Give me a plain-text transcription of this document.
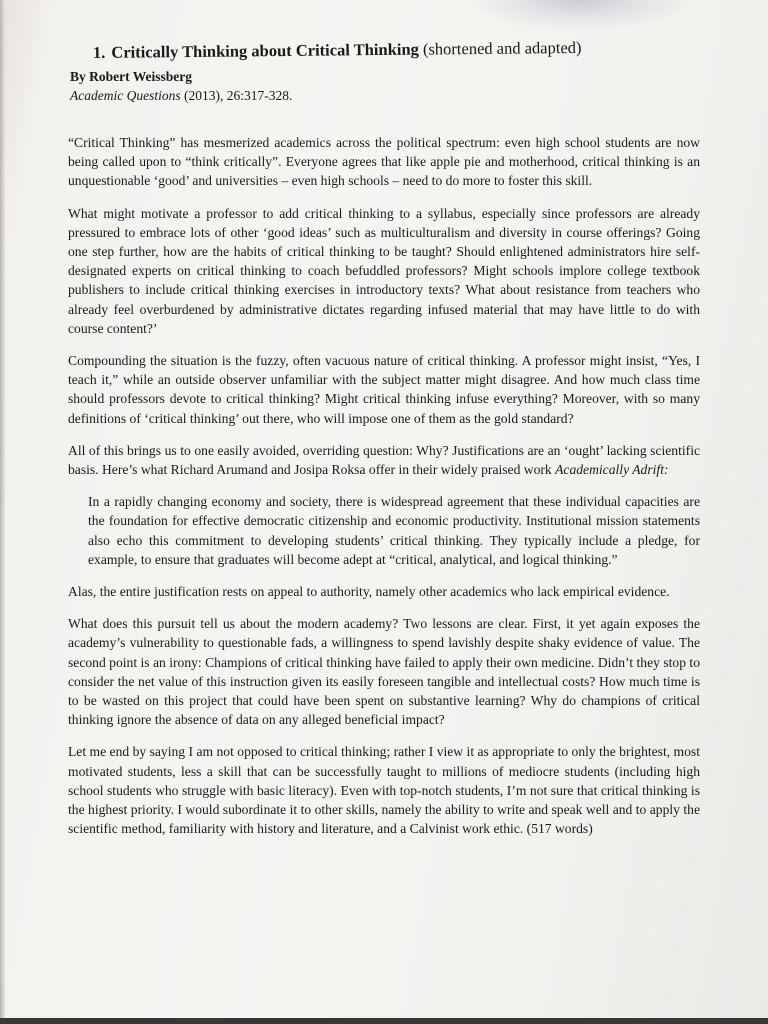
1. Critically Thinking about Critical Thinking (shortened and adapted)
By Robert Weissberg
Academic Questions (2013), 26:317-328.

“Critical Thinking” has mesmerized academics across the political spectrum: even high school students are now being called upon to “think critically”. Everyone agrees that like apple pie and motherhood, critical thinking is an unquestionable ‘good’ and universities – even high schools – need to do more to foster this skill.

What might motivate a professor to add critical thinking to a syllabus, especially since professors are already pressured to embrace lots of other ‘good ideas’ such as multiculturalism and diversity in course offerings? Going one step further, how are the habits of critical thinking to be taught? Should enlightened administrators hire self-designated experts on critical thinking to coach befuddled professors? Might schools implore college textbook publishers to include critical thinking exercises in introductory texts? What about resistance from teachers who already feel overburdened by administrative dictates regarding infused material that may have little to do with course content?’

Compounding the situation is the fuzzy, often vacuous nature of critical thinking. A professor might insist, “Yes, I teach it,” while an outside observer unfamiliar with the subject matter might disagree. And how much class time should professors devote to critical thinking? Might critical thinking infuse everything? Moreover, with so many definitions of ‘critical thinking’ out there, who will impose one of them as the gold standard?

All of this brings us to one easily avoided, overriding question: Why? Justifications are an ‘ought’ lacking scientific basis. Here’s what Richard Arumand and Josipa Roksa offer in their widely praised work Academically Adrift:

In a rapidly changing economy and society, there is widespread agreement that these individual capacities are the foundation for effective democratic citizenship and economic productivity. Institutional mission statements also echo this commitment to developing students’ critical thinking. They typically include a pledge, for example, to ensure that graduates will become adept at “critical, analytical, and logical thinking.”

Alas, the entire justification rests on appeal to authority, namely other academics who lack empirical evidence.

What does this pursuit tell us about the modern academy? Two lessons are clear. First, it yet again exposes the academy’s vulnerability to questionable fads, a willingness to spend lavishly despite shaky evidence of value. The second point is an irony: Champions of critical thinking have failed to apply their own medicine. Didn’t they stop to consider the net value of this instruction given its easily foreseen tangible and intellectual costs? How much time is to be wasted on this project that could have been spent on substantive learning? Why do champions of critical thinking ignore the absence of data on any alleged beneficial impact?

Let me end by saying I am not opposed to critical thinking; rather I view it as appropriate to only the brightest, most motivated students, less a skill that can be successfully taught to millions of mediocre students (including high school students who struggle with basic literacy). Even with top-notch students, I’m not sure that critical thinking is the highest priority. I would subordinate it to other skills, namely the ability to write and speak well and to apply the scientific method, familiarity with history and literature, and a Calvinist work ethic. (517 words)
